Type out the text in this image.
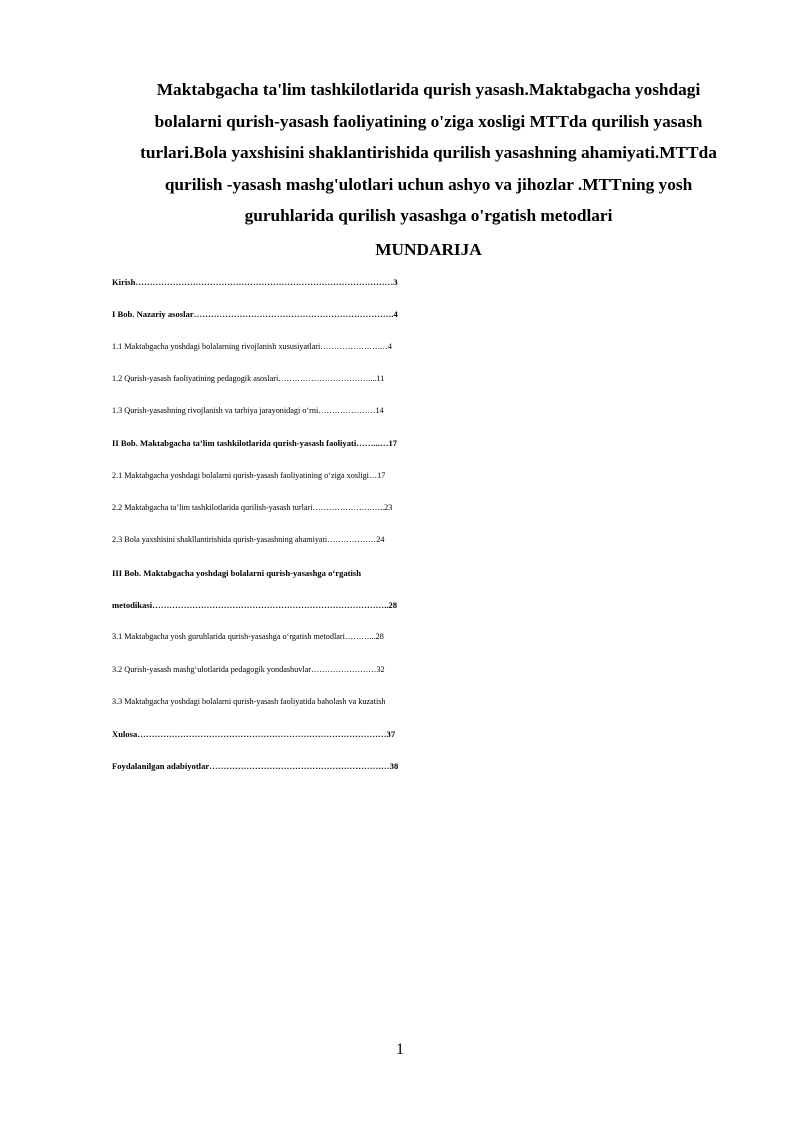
Maktabgacha ta'lim tashkilotlarida qurish yasash.Maktabgacha yoshdagi
bolalarni qurish-yasash faoliyatining o'ziga xosligi MTTda qurilish yasash
turlari.Bola yaxshisini shaklantirishida qurilish yasashning ahamiyati.MTTda
qurilish -yasash mashg'ulotlari uchun ashyo va jihozlar .MTTning yosh
guruhlarida qurilish yasashga o'rgatish metodlari

MUNDARIJA

Kirish………………………………………………………………………………3
I Bob. Nazariy asoslar…………………………………………………………….4
1.1 Maktabgacha yoshdagi bolalarning rivojlanish xususiyatlari………………….…4
1.2 Qurish-yasash faoliyatining pedagogik asoslari……………………………....11
1.3 Qurish-yasashning rivojlanish va tarbiya jarayonidagi o‘rni…………………14
II Bob. Maktabgacha ta’lim tashkilotlarida qurish-yasash faoliyati……...…17
2.1 Maktabgacha yoshdagi bolalarni qurish-yasash faoliyatining o‘ziga xosligi…17
2.2 Maktabgacha ta’lim tashkilotlarida qurilish-yasash turlari………………….…..23
2.3 Bola yaxshisini shakllantirishida qurish-yasashning ahamiyati………………24
III Bob. Maktabgacha yoshdagi bolalarni qurish-yasashga o‘rgatish
metodikasi………………………………………………………………………..28
3.1 Maktabgacha yosh guruhlarida qurish-yasashga o‘rgatish metodlari………...28
3.2 Qurish-yasash mashg‘ulotlarida pedagogik yondashuvlar……………………32
3.3 Maktabgacha yoshdagi bolalarni qurish-yasash faoliyatida baholash va kuzatish
Xulosa……………………………………………………………………………37
Foydalanilgan adabiyotlar………………………………………………………38
1
